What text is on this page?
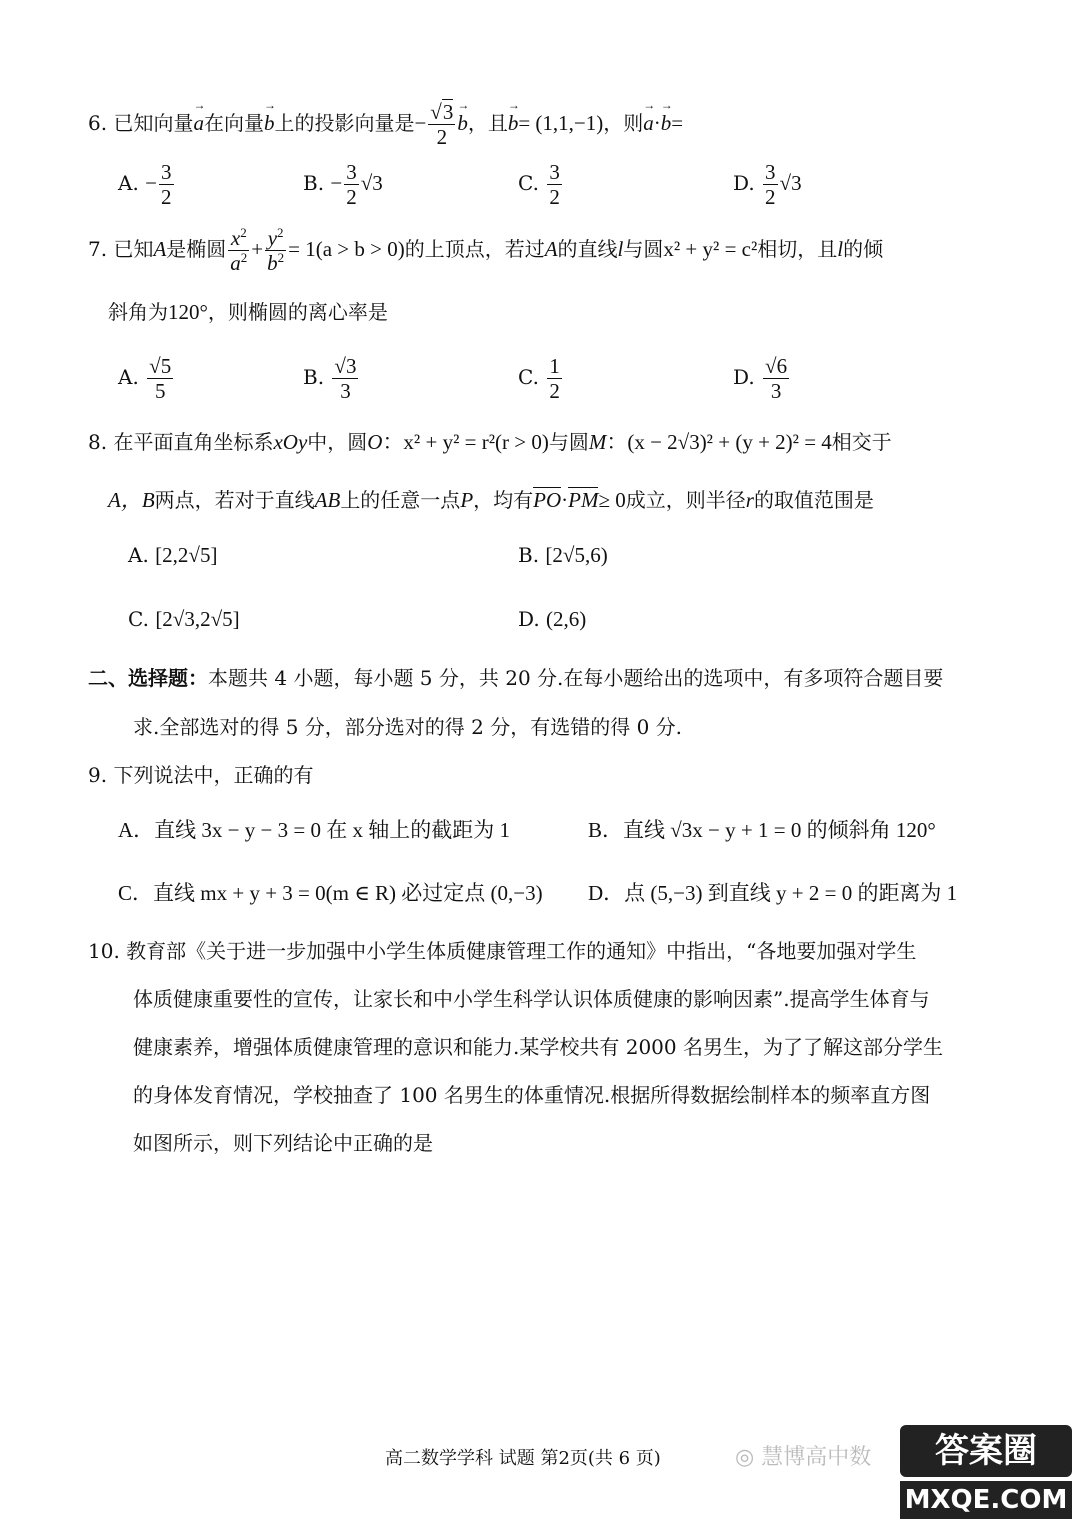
6. 已知向量→ a在向量→ b上的投影向量是− $\frac{√3}{2}$
→ b，且→ b= (1,1,−1)，则→ a·→ b=
A. − $\frac{3}{2}$	B. − $\frac{3}{2} √3$	C. $\frac{3}{2}$	D. $\frac{3}{2} √3$
7. 已知A是椭圆 $\frac{x^2}{a^2} + \frac{y^2}{b^2} = 1(a > b > 0)$的上顶点，若过A的直线l与圆x² + y² = c²相切，且l的倾
斜角为120°，则椭圆的离心率是
A. $\frac{√5}{5}$	B. $\frac{√3}{3}$	C. $\frac{1}{2}$	D. $\frac{√6}{3}$
8. 在平面直角坐标系xOy中，圆O：x² + y² = r²(r > 0)与圆M：(x − 2√3)² + (y + 2)² = 4相交于
A，B两点，若对于直线AB上的任意一点P，均有PO·PM≥ 0成立，则半径r的取值范围是
A. [2,2√5]	B. [2√5,6)
C. [2√3,2√5]	D. (2,6)
二、选择题：本题共 4 小题，每小题 5 分，共 20 分.在每小题给出的选项中，有多项符合题目要
求.全部选对的得 5 分，部分选对的得 2 分，有选错的得 0 分.
9. 下列说法中，正确的有
A．直线 3x − y − 3 = 0 在 x 轴上的截距为 1	B．直线 √3x − y + 1 = 0 的倾斜角 120°
C．直线 mx + y + 3 = 0(m ∈ R) 必过定点 (0,−3) D．点 (5,−3) 到直线 y + 2 = 0 的距离为 1
10. 教育部《关于进一步加强中小学生体质健康管理工作的通知》中指出，“各地要加强对学生
体质健康重要性的宣传，让家长和中小学生科学认识体质健康的影响因素”.提高学生体育与
健康素养，增强体质健康管理的意识和能力.某学校共有 2000 名男生，为了了解这部分学生
的身体发育情况，学校抽查了 100 名男生的体重情况.根据所得数据绘制样本的频率直方图
如图所示，则下列结论中正确的是
高二数学学科 试题 第2页(共 6 页)	◎ 慧博高中数	答案圈
MXQE.COM
